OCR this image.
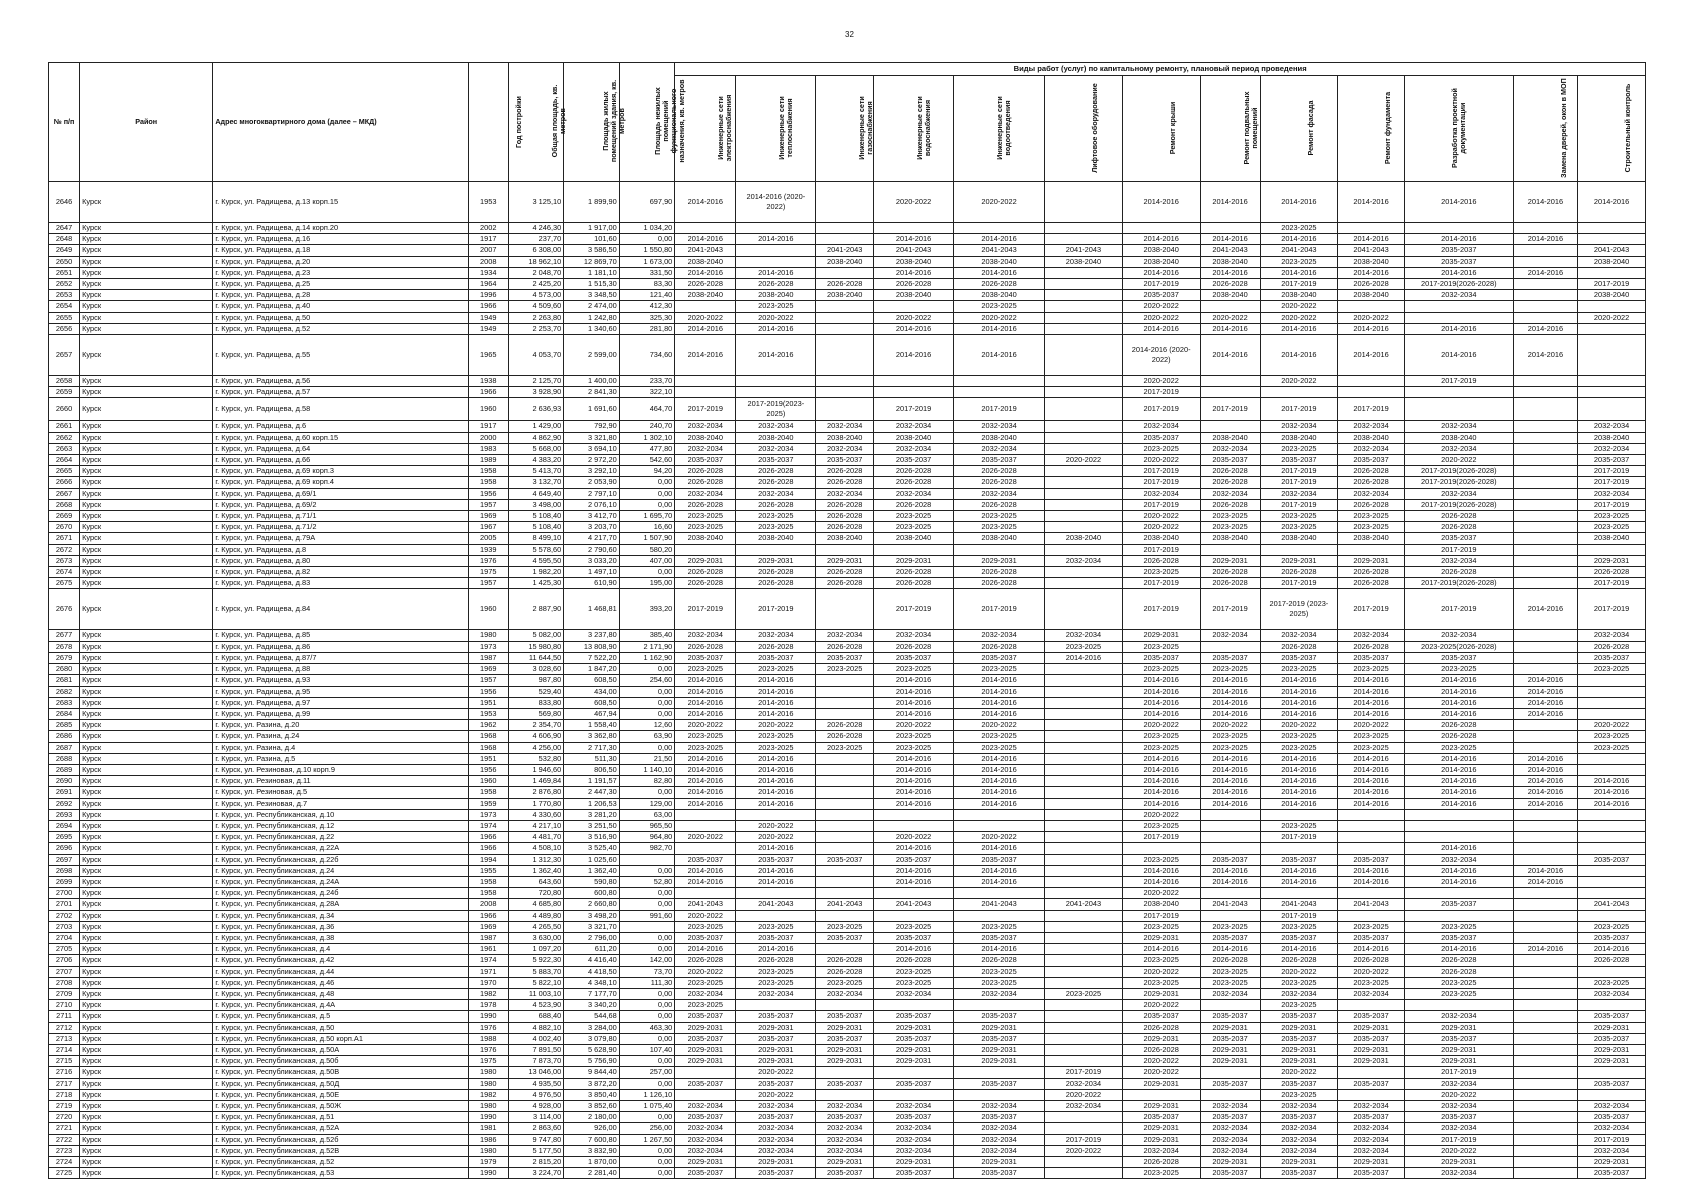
32
№ п/п	Район	Адрес многоквартирного дома (далее – МКД)	Год постройки	Общая площадь, кв. метров	Площадь жилых помещений здания, кв. метров	Площадь нежилых помещений функционального назначения, кв. метров	Виды работ (услуг) по капитальному ремонту, плановый период проведения												
							Инженерные сети электроснабжения	Инженерные сети теплоснабжения	Инженерные сети газоснабжения	Инженерные сети водоснабжения	Инженерные сети водоотведения	Лифтовое оборудование	Ремонт крыши	Ремонт подвальных помещений	Ремонт фасада	Ремонт фундамента	Разработка проектной документации	Замена дверей, окон в МОП	Строительный контроль
2646	Курск	г. Курск, ул. Радищева, д.13 корп.15	1953	3 125,10	1 899,90	697,90	2014-2016	2014-2016 (2020-2022)		2020-2022	2020-2022		2014-2016	2014-2016	2014-2016	2014-2016	2014-2016	2014-2016	2014-2016
2647	Курск	г. Курск, ул. Радищева, д.14 корп.20	2002	4 246,30	1 917,00	1 034,20									2023-2025				
2648	Курск	г. Курск, ул. Радищева, д.16	1917	237,70	101,60	0,00	2014-2016	2014-2016		2014-2016	2014-2016		2014-2016	2014-2016	2014-2016	2014-2016	2014-2016	2014-2016	
2649	Курск	г. Курск, ул. Радищева, д.18	2007	6 308,00	3 586,50	1 550,80	2041-2043		2041-2043	2041-2043	2041-2043	2041-2043	2038-2040	2041-2043	2041-2043	2041-2043	2035-2037		2041-2043
2650	Курск	г. Курск, ул. Радищева, д.20	2008	18 962,10	12 869,70	1 673,00	2038-2040		2038-2040	2038-2040	2038-2040	2038-2040	2038-2040	2038-2040	2023-2025	2038-2040	2035-2037		2038-2040
2651	Курск	г. Курск, ул. Радищева, д.23	1934	2 048,70	1 181,10	331,50	2014-2016	2014-2016		2014-2016	2014-2016		2014-2016	2014-2016	2014-2016	2014-2016	2014-2016	2014-2016	
2652	Курск	г. Курск, ул. Радищева, д.25	1964	2 425,20	1 515,30	83,30	2026-2028	2026-2028	2026-2028	2026-2028	2026-2028		2017-2019	2026-2028	2017-2019	2026-2028	2017-2019(2026-2028)		2017-2019
2653	Курск	г. Курск, ул. Радищева, д.28	1996	4 573,00	3 348,50	121,40	2038-2040	2038-2040	2038-2040	2038-2040	2038-2040		2035-2037	2038-2040	2038-2040	2038-2040	2032-2034		2038-2040
2654	Курск	г. Курск, ул. Радищева, д.40	1966	4 509,60	2 474,00	412,30		2023-2025			2023-2025		2020-2022		2020-2022				
2655	Курск	г. Курск, ул. Радищева, д.50	1949	2 263,80	1 242,80	325,30	2020-2022	2020-2022		2020-2022	2020-2022		2020-2022	2020-2022	2020-2022	2020-2022			2020-2022
2656	Курск	г. Курск, ул. Радищева, д.52	1949	2 253,70	1 340,60	281,80	2014-2016	2014-2016		2014-2016	2014-2016		2014-2016	2014-2016	2014-2016	2014-2016	2014-2016	2014-2016	
2657	Курск	г. Курск, ул. Радищева, д.55	1965	4 053,70	2 599,00	734,60	2014-2016	2014-2016		2014-2016	2014-2016		2014-2016 (2020-2022)	2014-2016	2014-2016	2014-2016	2014-2016	2014-2016	
2658	Курск	г. Курск, ул. Радищева, д.56	1938	2 125,70	1 400,00	233,70							2020-2022		2020-2022		2017-2019		
2659	Курск	г. Курск, ул. Радищева, д.57	1966	3 928,90	2 841,30	322,10							2017-2019						
2660	Курск	г. Курск, ул. Радищева, д.58	1960	2 636,93	1 691,60	464,70	2017-2019	2017-2019(2023-2025)		2017-2019	2017-2019		2017-2019	2017-2019	2017-2019	2017-2019			
2661	Курск	г. Курск, ул. Радищева, д.6	1917	1 429,00	792,90	240,70	2032-2034	2032-2034	2032-2034	2032-2034	2032-2034		2032-2034		2032-2034	2032-2034	2032-2034		2032-2034
2662	Курск	г. Курск, ул. Радищева, д.60 корп.15	2000	4 862,90	3 321,80	1 302,10	2038-2040	2038-2040	2038-2040	2038-2040	2038-2040		2035-2037	2038-2040	2038-2040	2038-2040	2038-2040		2038-2040
2663	Курск	г. Курск, ул. Радищева, д.64	1983	5 668,00	3 694,10	477,80	2032-2034	2032-2034	2032-2034	2032-2034	2032-2034		2023-2025	2032-2034	2023-2025	2032-2034	2032-2034		2032-2034
2664	Курск	г. Курск, ул. Радищева, д.66	1989	4 383,20	2 972,20	542,60	2035-2037	2035-2037	2035-2037	2035-2037	2035-2037	2020-2022	2020-2022	2035-2037	2035-2037	2035-2037	2020-2022		2035-2037
2665	Курск	г. Курск, ул. Радищева, д.69 корп.3	1958	5 413,70	3 292,10	94,20	2026-2028	2026-2028	2026-2028	2026-2028	2026-2028		2017-2019	2026-2028	2017-2019	2026-2028	2017-2019(2026-2028)		2017-2019
2666	Курск	г. Курск, ул. Радищева, д.69 корп.4	1958	3 132,70	2 053,90	0,00	2026-2028	2026-2028	2026-2028	2026-2028	2026-2028		2017-2019	2026-2028	2017-2019	2026-2028	2017-2019(2026-2028)		2017-2019
2667	Курск	г. Курск, ул. Радищева, д.69/1	1956	4 649,40	2 797,10	0,00	2032-2034	2032-2034	2032-2034	2032-2034	2032-2034		2032-2034	2032-2034	2032-2034	2032-2034	2032-2034		2032-2034
2668	Курск	г. Курск, ул. Радищева, д.69/2	1957	3 498,00	2 076,10	0,00	2026-2028	2026-2028	2026-2028	2026-2028	2026-2028		2017-2019	2026-2028	2017-2019	2026-2028	2017-2019(2026-2028)		2017-2019
2669	Курск	г. Курск, ул. Радищева, д.71/1	1969	5 108,40	3 412,70	1 695,70	2023-2025	2023-2025	2026-2028	2023-2025	2023-2025		2020-2022	2023-2025	2023-2025	2023-2025	2026-2028		2023-2025
2670	Курск	г. Курск, ул. Радищева, д.71/2	1967	5 108,40	3 203,70	16,60	2023-2025	2023-2025	2026-2028	2023-2025	2023-2025		2020-2022	2023-2025	2023-2025	2023-2025	2026-2028		2023-2025
2671	Курск	г. Курск, ул. Радищева, д.79А	2005	8 499,10	4 217,70	1 507,90	2038-2040	2038-2040	2038-2040	2038-2040	2038-2040	2038-2040	2038-2040	2038-2040	2038-2040	2038-2040	2035-2037		2038-2040
2672	Курск	г. Курск, ул. Радищева, д.8	1939	5 578,60	2 790,60	580,20							2017-2019				2017-2019		
2673	Курск	г. Курск, ул. Радищева, д.80	1976	4 595,50	3 033,20	407,00	2029-2031	2029-2031	2029-2031	2029-2031	2029-2031	2032-2034	2026-2028	2029-2031	2029-2031	2029-2031	2032-2034		2029-2031
2674	Курск	г. Курск, ул. Радищева, д.82	1975	1 982,20	1 497,10	0,00	2026-2028	2026-2028	2026-2028	2026-2028	2026-2028		2023-2025	2026-2028	2026-2028	2026-2028	2026-2028		2026-2028
2675	Курск	г. Курск, ул. Радищева, д.83	1957	1 425,30	610,90	195,00	2026-2028	2026-2028	2026-2028	2026-2028	2026-2028		2017-2019	2026-2028	2017-2019	2026-2028	2017-2019(2026-2028)		2017-2019
2676	Курск	г. Курск, ул. Радищева, д.84	1960	2 887,90	1 468,81	393,20	2017-2019	2017-2019		2017-2019	2017-2019		2017-2019	2017-2019	2017-2019 (2023-2025)	2017-2019	2017-2019	2014-2016	2017-2019
2677	Курск	г. Курск, ул. Радищева, д.85	1980	5 082,00	3 237,80	385,40	2032-2034	2032-2034	2032-2034	2032-2034	2032-2034	2032-2034	2029-2031	2032-2034	2032-2034	2032-2034	2032-2034		2032-2034
2678	Курск	г. Курск, ул. Радищева, д.86	1973	15 980,80	13 808,90	2 171,90	2026-2028	2026-2028	2026-2028	2026-2028	2026-2028	2023-2025	2023-2025		2026-2028	2026-2028	2023-2025(2026-2028)		2026-2028
2679	Курск	г. Курск, ул. Радищева, д.87/7	1987	11 644,50	7 522,20	1 162,90	2035-2037	2035-2037	2035-2037	2035-2037	2035-2037	2014-2016	2035-2037	2035-2037	2035-2037	2035-2037	2035-2037		2035-2037
2680	Курск	г. Курск, ул. Радищева, д.88	1969	3 028,60	1 847,20	0,00	2023-2025	2023-2025	2023-2025	2023-2025	2023-2025		2023-2025	2023-2025	2023-2025	2023-2025	2023-2025		2023-2025
2681	Курск	г. Курск, ул. Радищева, д.93	1957	987,80	608,50	254,60	2014-2016	2014-2016		2014-2016	2014-2016		2014-2016	2014-2016	2014-2016	2014-2016	2014-2016	2014-2016	
2682	Курск	г. Курск, ул. Радищева, д.95	1956	529,40	434,00	0,00	2014-2016	2014-2016		2014-2016	2014-2016		2014-2016	2014-2016	2014-2016	2014-2016	2014-2016	2014-2016	
2683	Курск	г. Курск, ул. Радищева, д.97	1951	833,80	608,50	0,00	2014-2016	2014-2016		2014-2016	2014-2016		2014-2016	2014-2016	2014-2016	2014-2016	2014-2016	2014-2016	
2684	Курск	г. Курск, ул. Радищева, д.99	1953	569,80	467,94	0,00	2014-2016	2014-2016		2014-2016	2014-2016		2014-2016	2014-2016	2014-2016	2014-2016	2014-2016	2014-2016	
2685	Курск	г. Курск, ул. Разина, д.20	1962	2 354,70	1 558,40	12,60	2020-2022	2020-2022	2026-2028	2020-2022	2020-2022		2020-2022	2020-2022	2020-2022	2020-2022	2026-2028		2020-2022
2686	Курск	г. Курск, ул. Разина, д.24	1968	4 606,90	3 362,80	63,90	2023-2025	2023-2025	2026-2028	2023-2025	2023-2025		2023-2025	2023-2025	2023-2025	2023-2025	2026-2028		2023-2025
2687	Курск	г. Курск, ул. Разина, д.4	1968	4 256,00	2 717,30	0,00	2023-2025	2023-2025	2023-2025	2023-2025	2023-2025		2023-2025	2023-2025	2023-2025	2023-2025	2023-2025		2023-2025
2688	Курск	г. Курск, ул. Разина, д.5	1951	532,80	511,30	21,50	2014-2016	2014-2016		2014-2016	2014-2016		2014-2016	2014-2016	2014-2016	2014-2016	2014-2016	2014-2016	
2689	Курск	г. Курск, ул. Резиновая, д.10 корп.9	1956	1 946,60	806,50	1 140,10	2014-2016	2014-2016		2014-2016	2014-2016		2014-2016	2014-2016	2014-2016	2014-2016	2014-2016	2014-2016	
2690	Курск	г. Курск, ул. Резиновая, д.11	1960	1 469,84	1 191,57	82,80	2014-2016	2014-2016		2014-2016	2014-2016		2014-2016	2014-2016	2014-2016	2014-2016	2014-2016	2014-2016	2014-2016
2691	Курск	г. Курск, ул. Резиновая, д.5	1958	2 876,80	2 447,30	0,00	2014-2016	2014-2016		2014-2016	2014-2016		2014-2016	2014-2016	2014-2016	2014-2016	2014-2016	2014-2016	2014-2016
2692	Курск	г. Курск, ул. Резиновая, д.7	1959	1 770,80	1 206,53	129,00	2014-2016	2014-2016		2014-2016	2014-2016		2014-2016	2014-2016	2014-2016	2014-2016	2014-2016	2014-2016	2014-2016
2693	Курск	г. Курск, ул. Республиканская, д.10	1973	4 330,60	3 281,20	63,00							2020-2022						
2694	Курск	г. Курск, ул. Республиканская, д.12	1974	4 217,10	3 251,50	965,50		2020-2022					2023-2025		2023-2025				
2695	Курск	г. Курск, ул. Республиканская, д.22	1966	4 481,70	3 516,90	964,80	2020-2022	2020-2022		2020-2022	2020-2022		2017-2019		2017-2019				
2696	Курск	г. Курск, ул. Республиканская, д.22А	1966	4 508,10	3 525,40	982,70		2014-2016		2014-2016	2014-2016						2014-2016		
2697	Курск	г. Курск, ул. Республиканская, д.22б	1994	1 312,30	1 025,60		2035-2037	2035-2037	2035-2037	2035-2037	2035-2037		2023-2025	2035-2037	2035-2037	2035-2037	2032-2034		2035-2037
2698	Курск	г. Курск, ул. Республиканская, д.24	1955	1 362,40	1 362,40	0,00	2014-2016	2014-2016		2014-2016	2014-2016		2014-2016	2014-2016	2014-2016	2014-2016	2014-2016	2014-2016	
2699	Курск	г. Курск, ул. Республиканская, д.24А	1958	643,60	590,80	52,80	2014-2016	2014-2016		2014-2016	2014-2016		2014-2016	2014-2016	2014-2016	2014-2016	2014-2016	2014-2016	
2700	Курск	г. Курск, ул. Республиканская, д.24б	1958	720,80	600,80	0,00							2020-2022						
2701	Курск	г. Курск, ул. Республиканская, д.28А	2008	4 685,80	2 660,80	0,00	2041-2043	2041-2043	2041-2043	2041-2043	2041-2043	2041-2043	2038-2040	2041-2043	2041-2043	2041-2043	2035-2037		2041-2043
2702	Курск	г. Курск, ул. Республиканская, д.34	1966	4 489,80	3 498,20	991,60	2020-2022						2017-2019		2017-2019				
2703	Курск	г. Курск, ул. Республиканская, д.36	1969	4 265,50	3 321,70		2023-2025	2023-2025	2023-2025	2023-2025	2023-2025		2023-2025	2023-2025	2023-2025	2023-2025	2023-2025		2023-2025
2704	Курск	г. Курск, ул. Республиканская, д.38	1987	3 630,00	2 796,00	0,00	2035-2037	2035-2037	2035-2037	2035-2037	2035-2037		2029-2031	2035-2037	2035-2037	2035-2037	2035-2037		2035-2037
2705	Курск	г. Курск, ул. Республиканская, д.4	1961	1 097,20	611,20	0,00	2014-2016	2014-2016		2014-2016	2014-2016		2014-2016	2014-2016	2014-2016	2014-2016	2014-2016	2014-2016	2014-2016
2706	Курск	г. Курск, ул. Республиканская, д.42	1974	5 922,30	4 416,40	142,00	2026-2028	2026-2028	2026-2028	2026-2028	2026-2028		2023-2025	2026-2028	2026-2028	2026-2028	2026-2028		2026-2028
2707	Курск	г. Курск, ул. Республиканская, д.44	1971	5 883,70	4 418,50	73,70	2020-2022	2023-2025	2026-2028	2023-2025	2023-2025		2020-2022	2023-2025	2020-2022	2020-2022	2026-2028		
2708	Курск	г. Курск, ул. Республиканская, д.46	1970	5 822,10	4 348,10	111,30	2023-2025	2023-2025	2023-2025	2023-2025	2023-2025		2023-2025	2023-2025	2023-2025	2023-2025	2023-2025		2023-2025
2709	Курск	г. Курск, ул. Республиканская, д.48	1982	11 003,10	7 177,70	0,00	2032-2034	2032-2034	2032-2034	2032-2034	2032-2034	2023-2025	2029-2031	2032-2034	2032-2034	2032-2034	2023-2025		2032-2034
2710	Курск	г. Курск, ул. Республиканская, д.4А	1978	4 523,90	3 340,20	0,00	2023-2025						2020-2022		2023-2025				
2711	Курск	г. Курск, ул. Республиканская, д.5	1990	688,40	544,68	0,00	2035-2037	2035-2037	2035-2037	2035-2037	2035-2037		2035-2037	2035-2037	2035-2037	2035-2037	2032-2034		2035-2037
2712	Курск	г. Курск, ул. Республиканская, д.50	1976	4 882,10	3 284,00	463,30	2029-2031	2029-2031	2029-2031	2029-2031	2029-2031		2026-2028	2029-2031	2029-2031	2029-2031	2029-2031		2029-2031
2713	Курск	г. Курск, ул. Республиканская, д.50 корп.А1	1988	4 002,40	3 079,80	0,00	2035-2037	2035-2037	2035-2037	2035-2037	2035-2037		2029-2031	2035-2037	2035-2037	2035-2037	2035-2037		2035-2037
2714	Курск	г. Курск, ул. Республиканская, д.50А	1976	7 891,50	5 628,90	107,40	2029-2031	2029-2031	2029-2031	2029-2031	2029-2031		2026-2028	2029-2031	2029-2031	2029-2031	2029-2031		2029-2031
2715	Курск	г. Курск, ул. Республиканская, д.50б	1975	7 873,70	5 756,90	0,00	2029-2031	2029-2031	2029-2031	2029-2031	2029-2031		2020-2022	2029-2031	2029-2031	2029-2031	2029-2031		2029-2031
2716	Курск	г. Курск, ул. Республиканская, д.50В	1980	13 046,00	9 844,40	257,00		2020-2022				2017-2019	2020-2022		2020-2022		2017-2019		
2717	Курск	г. Курск, ул. Республиканская, д.50Д	1980	4 935,50	3 872,20	0,00	2035-2037	2035-2037	2035-2037	2035-2037	2035-2037	2032-2034	2029-2031	2035-2037	2035-2037	2035-2037	2032-2034		2035-2037
2718	Курск	г. Курск, ул. Республиканская, д.50Е	1982	4 976,50	3 850,40	1 126,10		2020-2022				2020-2022			2023-2025		2020-2022		
2719	Курск	г. Курск, ул. Республиканская, д.50Ж	1980	4 928,00	3 852,60	1 075,40	2032-2034	2032-2034	2032-2034	2032-2034	2032-2034	2032-2034	2029-2031	2032-2034	2032-2034	2032-2034	2032-2034		2032-2034
2720	Курск	г. Курск, ул. Республиканская, д.51	1990	3 114,00	2 180,00	0,00	2035-2037	2035-2037	2035-2037	2035-2037	2035-2037		2035-2037	2035-2037	2035-2037	2035-2037	2035-2037		2035-2037
2721	Курск	г. Курск, ул. Республиканская, д.52А	1981	2 863,60	926,00	256,00	2032-2034	2032-2034	2032-2034	2032-2034	2032-2034		2029-2031	2032-2034	2032-2034	2032-2034	2032-2034		2032-2034
2722	Курск	г. Курск, ул. Республиканская, д.52б	1986	9 747,80	7 600,80	1 267,50	2032-2034	2032-2034	2032-2034	2032-2034	2032-2034	2017-2019	2029-2031	2032-2034	2032-2034	2032-2034	2017-2019		2017-2019
2723	Курск	г. Курск, ул. Республиканская, д.52В	1980	5 177,50	3 832,90	0,00	2032-2034	2032-2034	2032-2034	2032-2034	2032-2034	2020-2022	2032-2034	2032-2034	2032-2034	2032-2034	2020-2022		2032-2034
2724	Курск	г. Курск, ул. Республиканская, д.52	1979	2 815,20	1 870,00	0,00	2029-2031	2029-2031	2029-2031	2029-2031	2029-2031		2026-2028	2029-2031	2029-2031	2029-2031	2029-2031		2029-2031
2725	Курск	г. Курск, ул. Республиканская, д.53	1990	3 224,70	2 281,40	0,00	2035-2037	2035-2037	2035-2037	2035-2037	2035-2037		2023-2025	2035-2037	2035-2037	2035-2037	2032-2034		2035-2037
